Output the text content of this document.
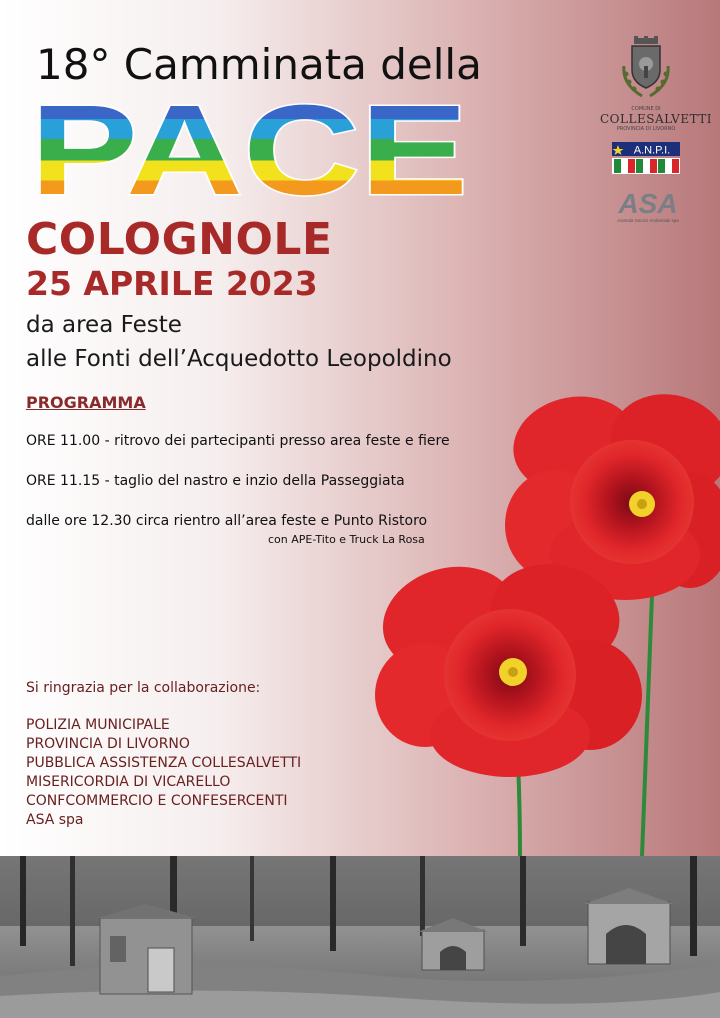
18° Camminata della
PACE
COLOGNOLE
25 APRILE 2023
da area Feste
alle Fonti dell’Acquedotto Leopoldino
PROGRAMMA
ORE 11.00 - ritrovo dei partecipanti presso area feste e fiere
ORE 11.15 - taglio del nastro e inzio della Passeggiata
dalle ore 12.30 circa rientro all’area feste e Punto Ristoro
con APE-Tito e Truck La Rosa
Si ringrazia per la collaborazione:
POLIZIA MUNICIPALE
PROVINCIA DI LIVORNO
PUBBLICA ASSISTENZA COLLESALVETTI
MISERICORDIA DI VICARELLO
CONFCOMMERCIO E CONFESERCENTI
ASA spa
COMUNE DI
COLLESALVETTI
PROVINCIA DI LIVORNO
A.N.P.I.
ASA
Azienda Servizi Ambientali spa
